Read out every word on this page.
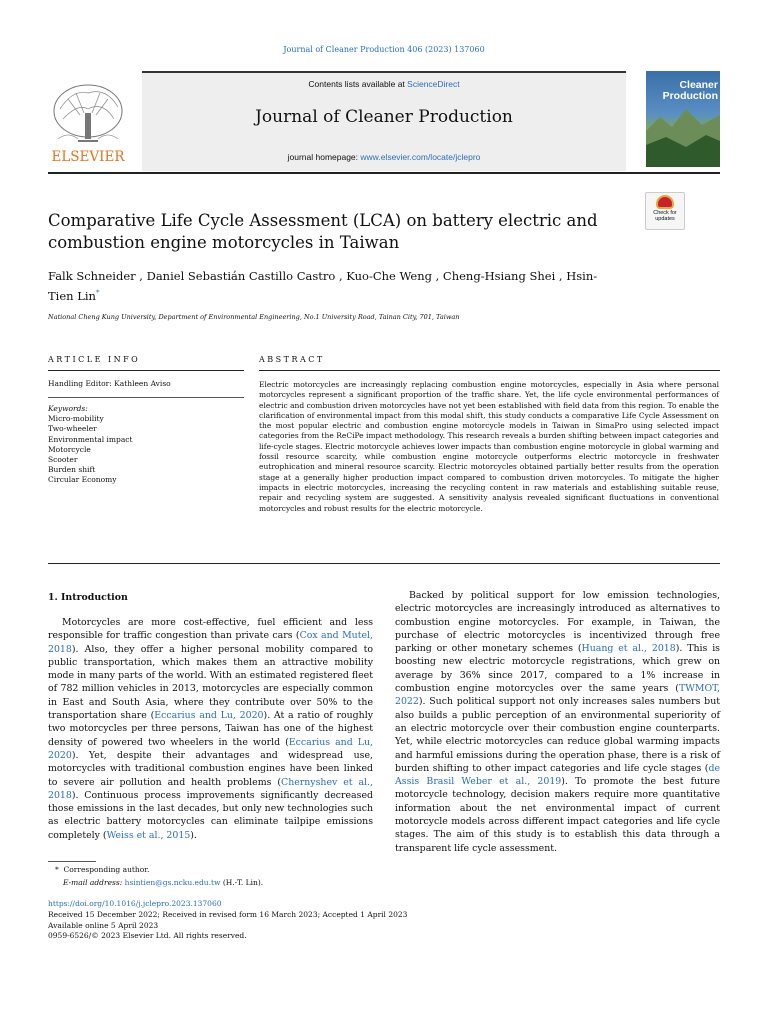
Journal of Cleaner Production 406 (2023) 137060
ELSEVIER
Contents lists available at ScienceDirect
Journal of Cleaner Production
journal homepage: www.elsevier.com/locate/jclepro
Cleaner
Production
Comparative Life Cycle Assessment (LCA) on battery electric and combustion engine motorcycles in Taiwan
Check for updates
Falk Schneider , Daniel Sebastián Castillo Castro , Kuo-Che Weng , Cheng-Hsiang Shei , Hsin-Tien Lin*
National Cheng Kung University, Department of Environmental Engineering, No.1 University Road, Tainan City, 701, Taiwan
ARTICLE INFO
Handling Editor: Kathleen Aviso
Keywords:
Micro-mobility
Two-wheeler
Environmental impact
Motorcycle
Scooter
Burden shift
Circular Economy
ABSTRACT
Electric motorcycles are increasingly replacing combustion engine motorcycles, especially in Asia where personal motorcycles represent a significant proportion of the traffic share. Yet, the life cycle environmental performances of electric and combustion driven motorcycles have not yet been established with field data from this region. To enable the clarification of environmental impact from this modal shift, this study conducts a comparative Life Cycle Assessment on the most popular electric and combustion engine motorcycle models in Taiwan in SimaPro using selected impact categories from the ReCiPe impact methodology. This research reveals a burden shifting between impact categories and life-cycle stages. Electric motorcycle achieves lower impacts than combustion engine motorcycle in global warming and fossil resource scarcity, while combustion engine motorcycle outperforms electric motorcycle in freshwater eutrophication and mineral resource scarcity. Electric motorcycles obtained partially better results from the operation stage at a generally higher production impact compared to combustion driven motorcycles. To mitigate the higher impacts in electric motorcycles, increasing the recycling content in raw materials and establishing suitable reuse, repair and recycling system are suggested. A sensitivity analysis revealed significant fluctuations in conventional motorcycles and robust results for the electric motorcycle.
1. Introduction
Motorcycles are more cost-effective, fuel efficient and less responsible for traffic congestion than private cars (Cox and Mutel, 2018). Also, they offer a higher personal mobility compared to public transportation, which makes them an attractive mobility mode in many parts of the world. With an estimated registered fleet of 782 million vehicles in 2013, motorcycles are especially common in East and South Asia, where they contribute over 50% to the transportation share (Eccarius and Lu, 2020). At a ratio of roughly two motorcycles per three persons, Taiwan has one of the highest density of powered two wheelers in the world (Eccarius and Lu, 2020). Yet, despite their advantages and widespread use, motorcycles with traditional combustion engines have been linked to severe air pollution and health problems (Chernyshev et al., 2018). Continuous process improvements significantly decreased those emissions in the last decades, but only new technologies such as electric battery motorcycles can eliminate tailpipe emissions completely (Weiss et al., 2015).
Backed by political support for low emission technologies, electric motorcycles are increasingly introduced as alternatives to combustion engine motorcycles. For example, in Taiwan, the purchase of electric motorcycles is incentivized through free parking or other monetary schemes (Huang et al., 2018). This is boosting new electric motorcycle registrations, which grew on average by 36% since 2017, compared to a 1% increase in combustion engine motorcycles over the same years (TWMOT, 2022). Such political support not only increases sales numbers but also builds a public perception of an environmental superiority of an electric motorcycle over their combustion engine counterparts. Yet, while electric motorcycles can reduce global warming impacts and harmful emissions during the operation phase, there is a risk of burden shifting to other impact categories and life cycle stages (de Assis Brasil Weber et al., 2019). To promote the best future motorcycle technology, decision makers require more quantitative information about the net environmental impact of current motorcycle models across different impact categories and life cycle stages. The aim of this study is to establish this data through a transparent life cycle assessment.
* Corresponding author.
E-mail address: hsintien@gs.ncku.edu.tw (H.-T. Lin).
https://doi.org/10.1016/j.jclepro.2023.137060
Received 15 December 2022; Received in revised form 16 March 2023; Accepted 1 April 2023
Available online 5 April 2023
0959-6526/© 2023 Elsevier Ltd. All rights reserved.
